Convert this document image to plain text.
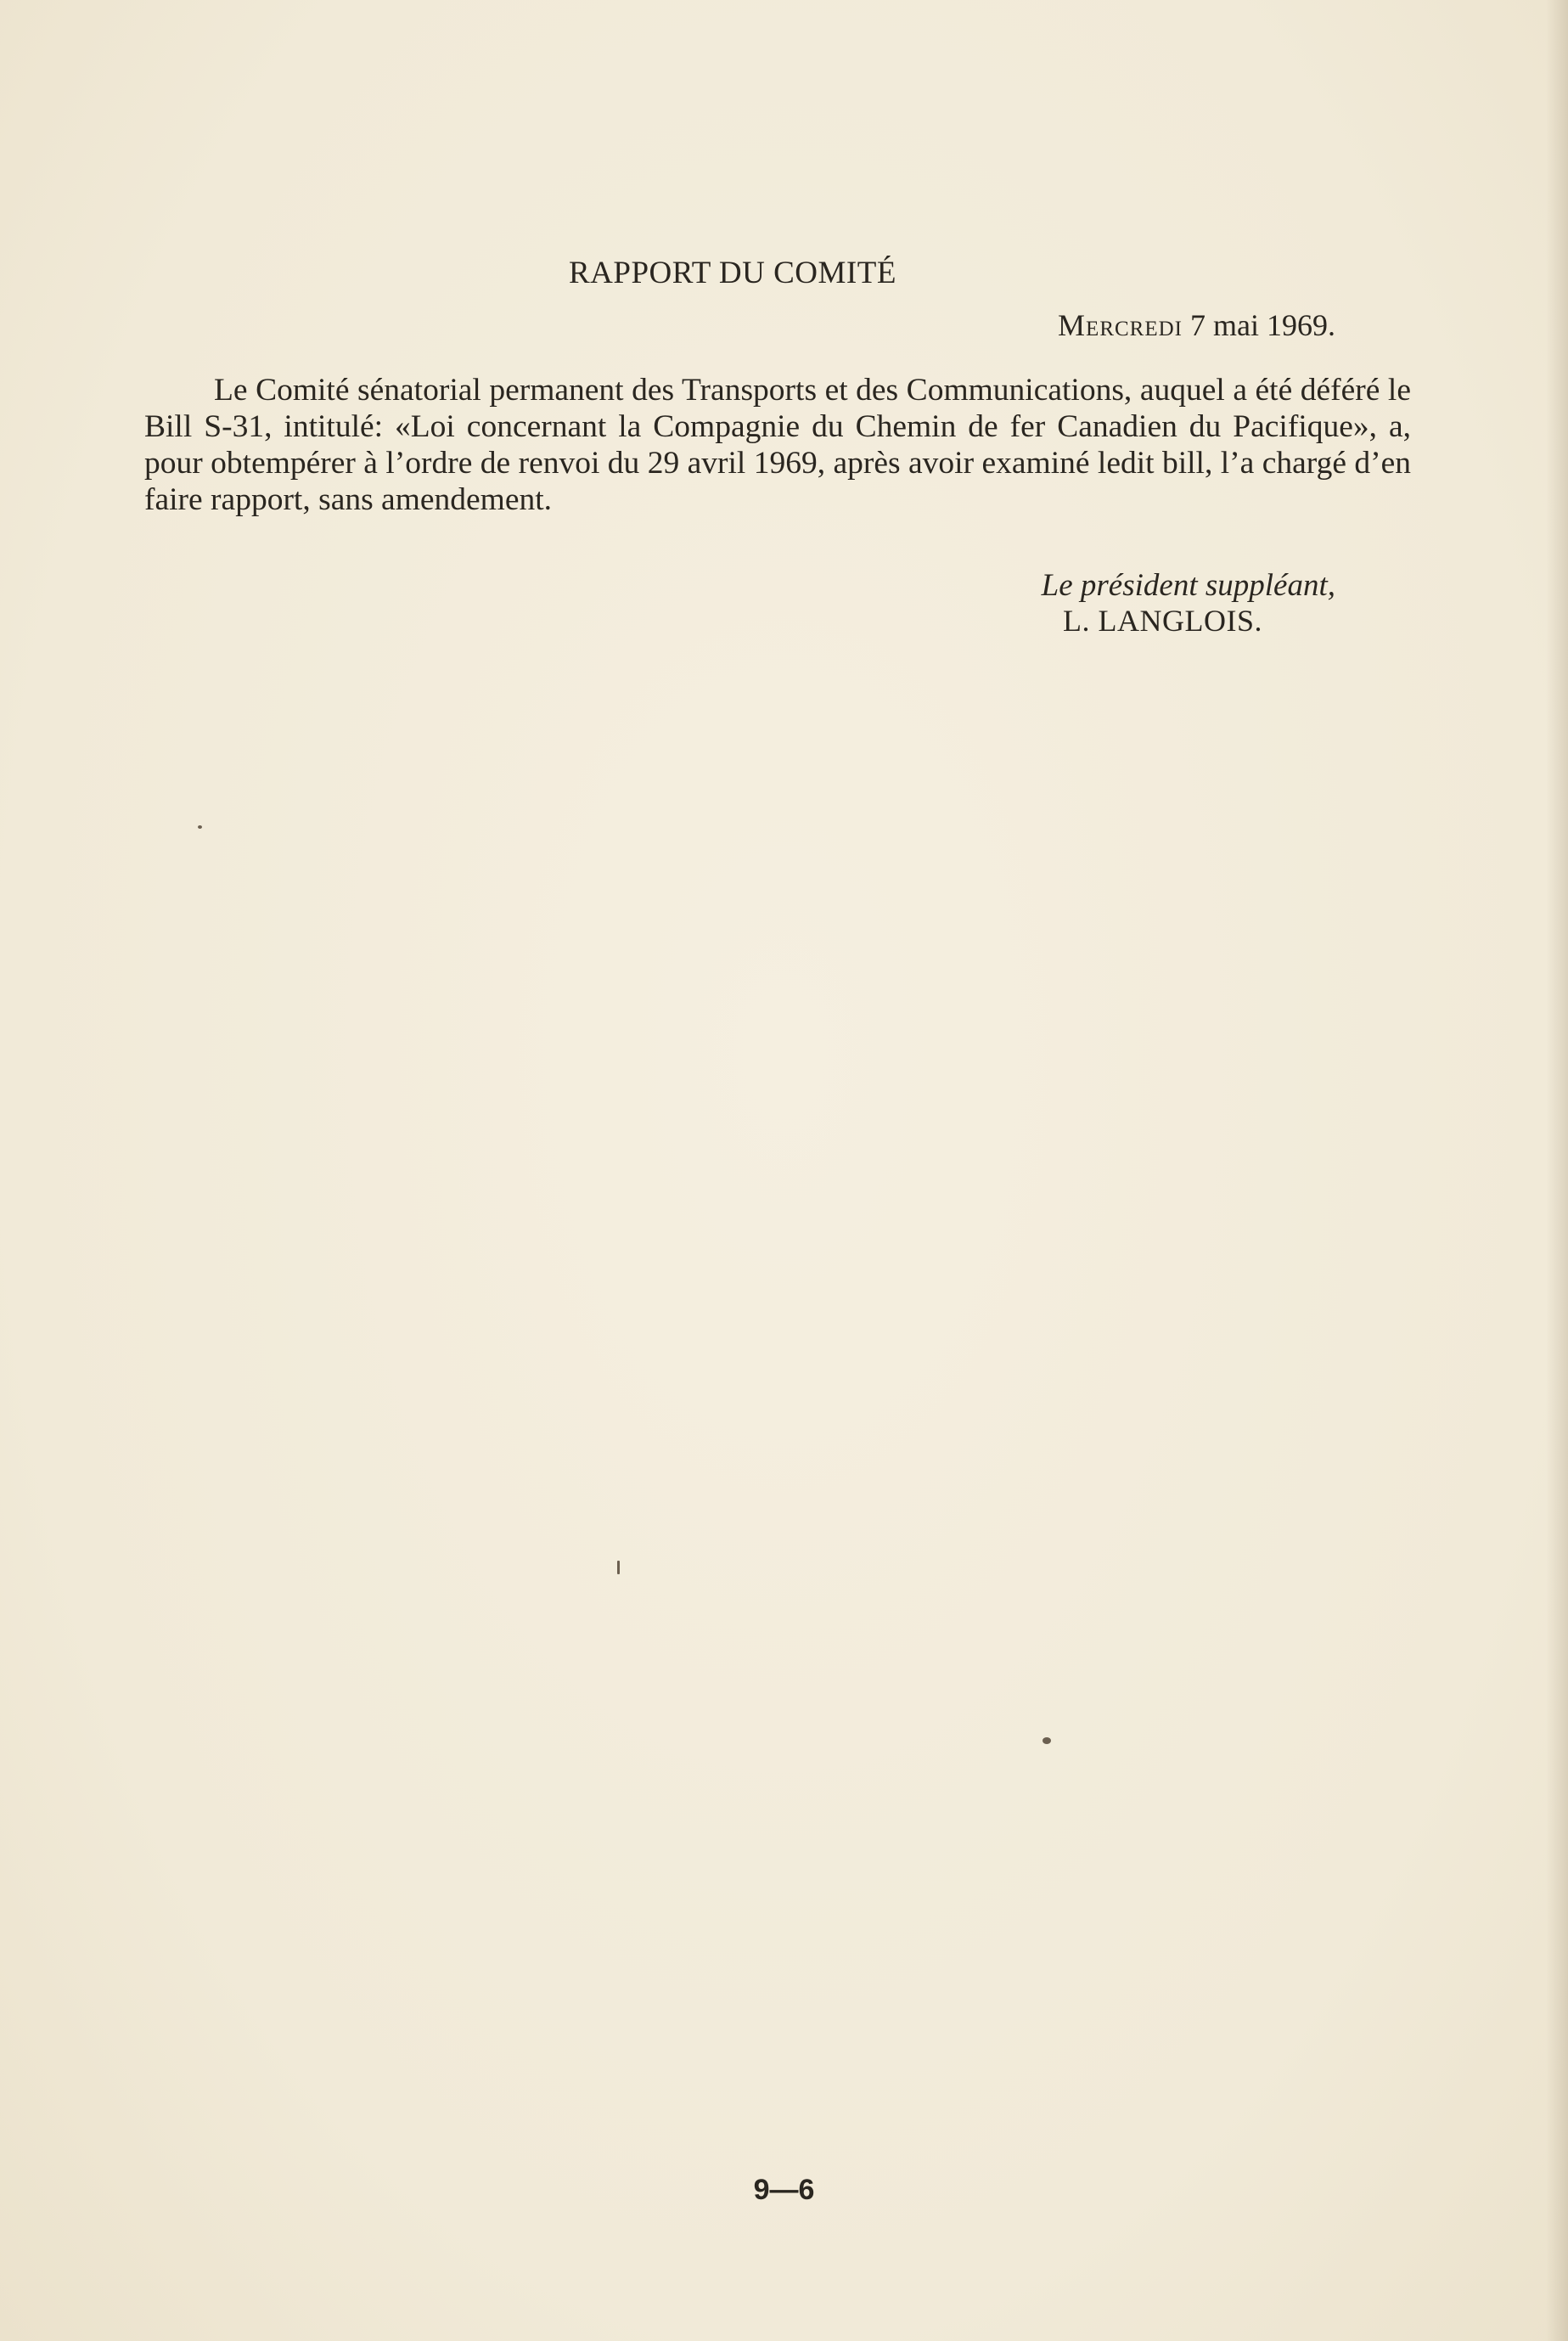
RAPPORT DU COMITÉ
Mercredi 7 mai 1969.

Le Comité sénatorial permanent des Transports et des Communications, auquel a été déféré le Bill S-31, intitulé: «Loi concernant la Compagnie du Chemin de fer Canadien du Pacifique», a, pour obtempérer à l’ordre de renvoi du 29 avril 1969, après avoir examiné ledit bill, l’a chargé d’en faire rapport, sans amendement.

Le président suppléant,
L. LANGLOIS.
9—6
